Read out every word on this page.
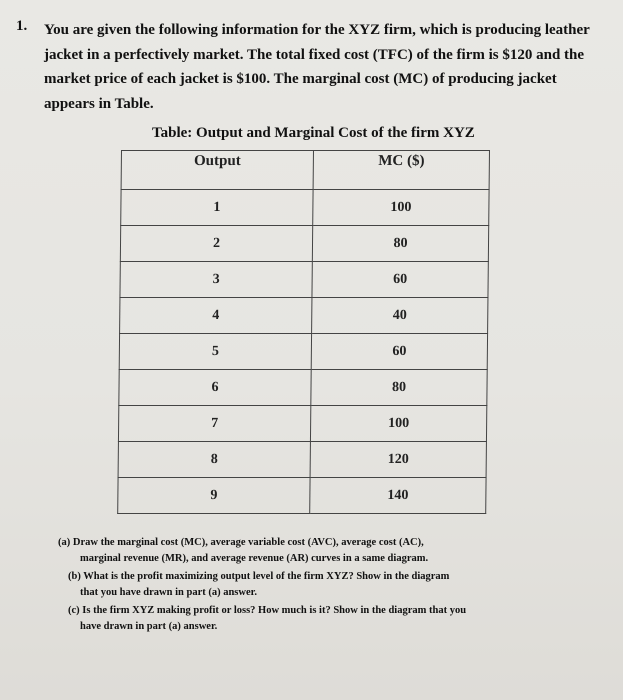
1. You are given the following information for the XYZ firm, which is producing leather
jacket in a perfectively market. The total fixed cost (TFC) of the firm is $120 and the
market price of each jacket is $100. The marginal cost (MC) of producing jacket
appears in Table.
Table: Output and Marginal Cost of the firm XYZ
Output	MC ($)
1	100
2	80
3	60
4	40
5	60
6	80
7	100
8	120
9	140
(a) Draw the marginal cost (MC), average variable cost (AVC), average cost (AC),
marginal revenue (MR), and average revenue (AR) curves in a same diagram.
(b) What is the profit maximizing output level of the firm XYZ? Show in the diagram
that you have drawn in part (a) answer.
(c) Is the firm XYZ making profit or loss? How much is it? Show in the diagram that you
have drawn in part (a) answer.
